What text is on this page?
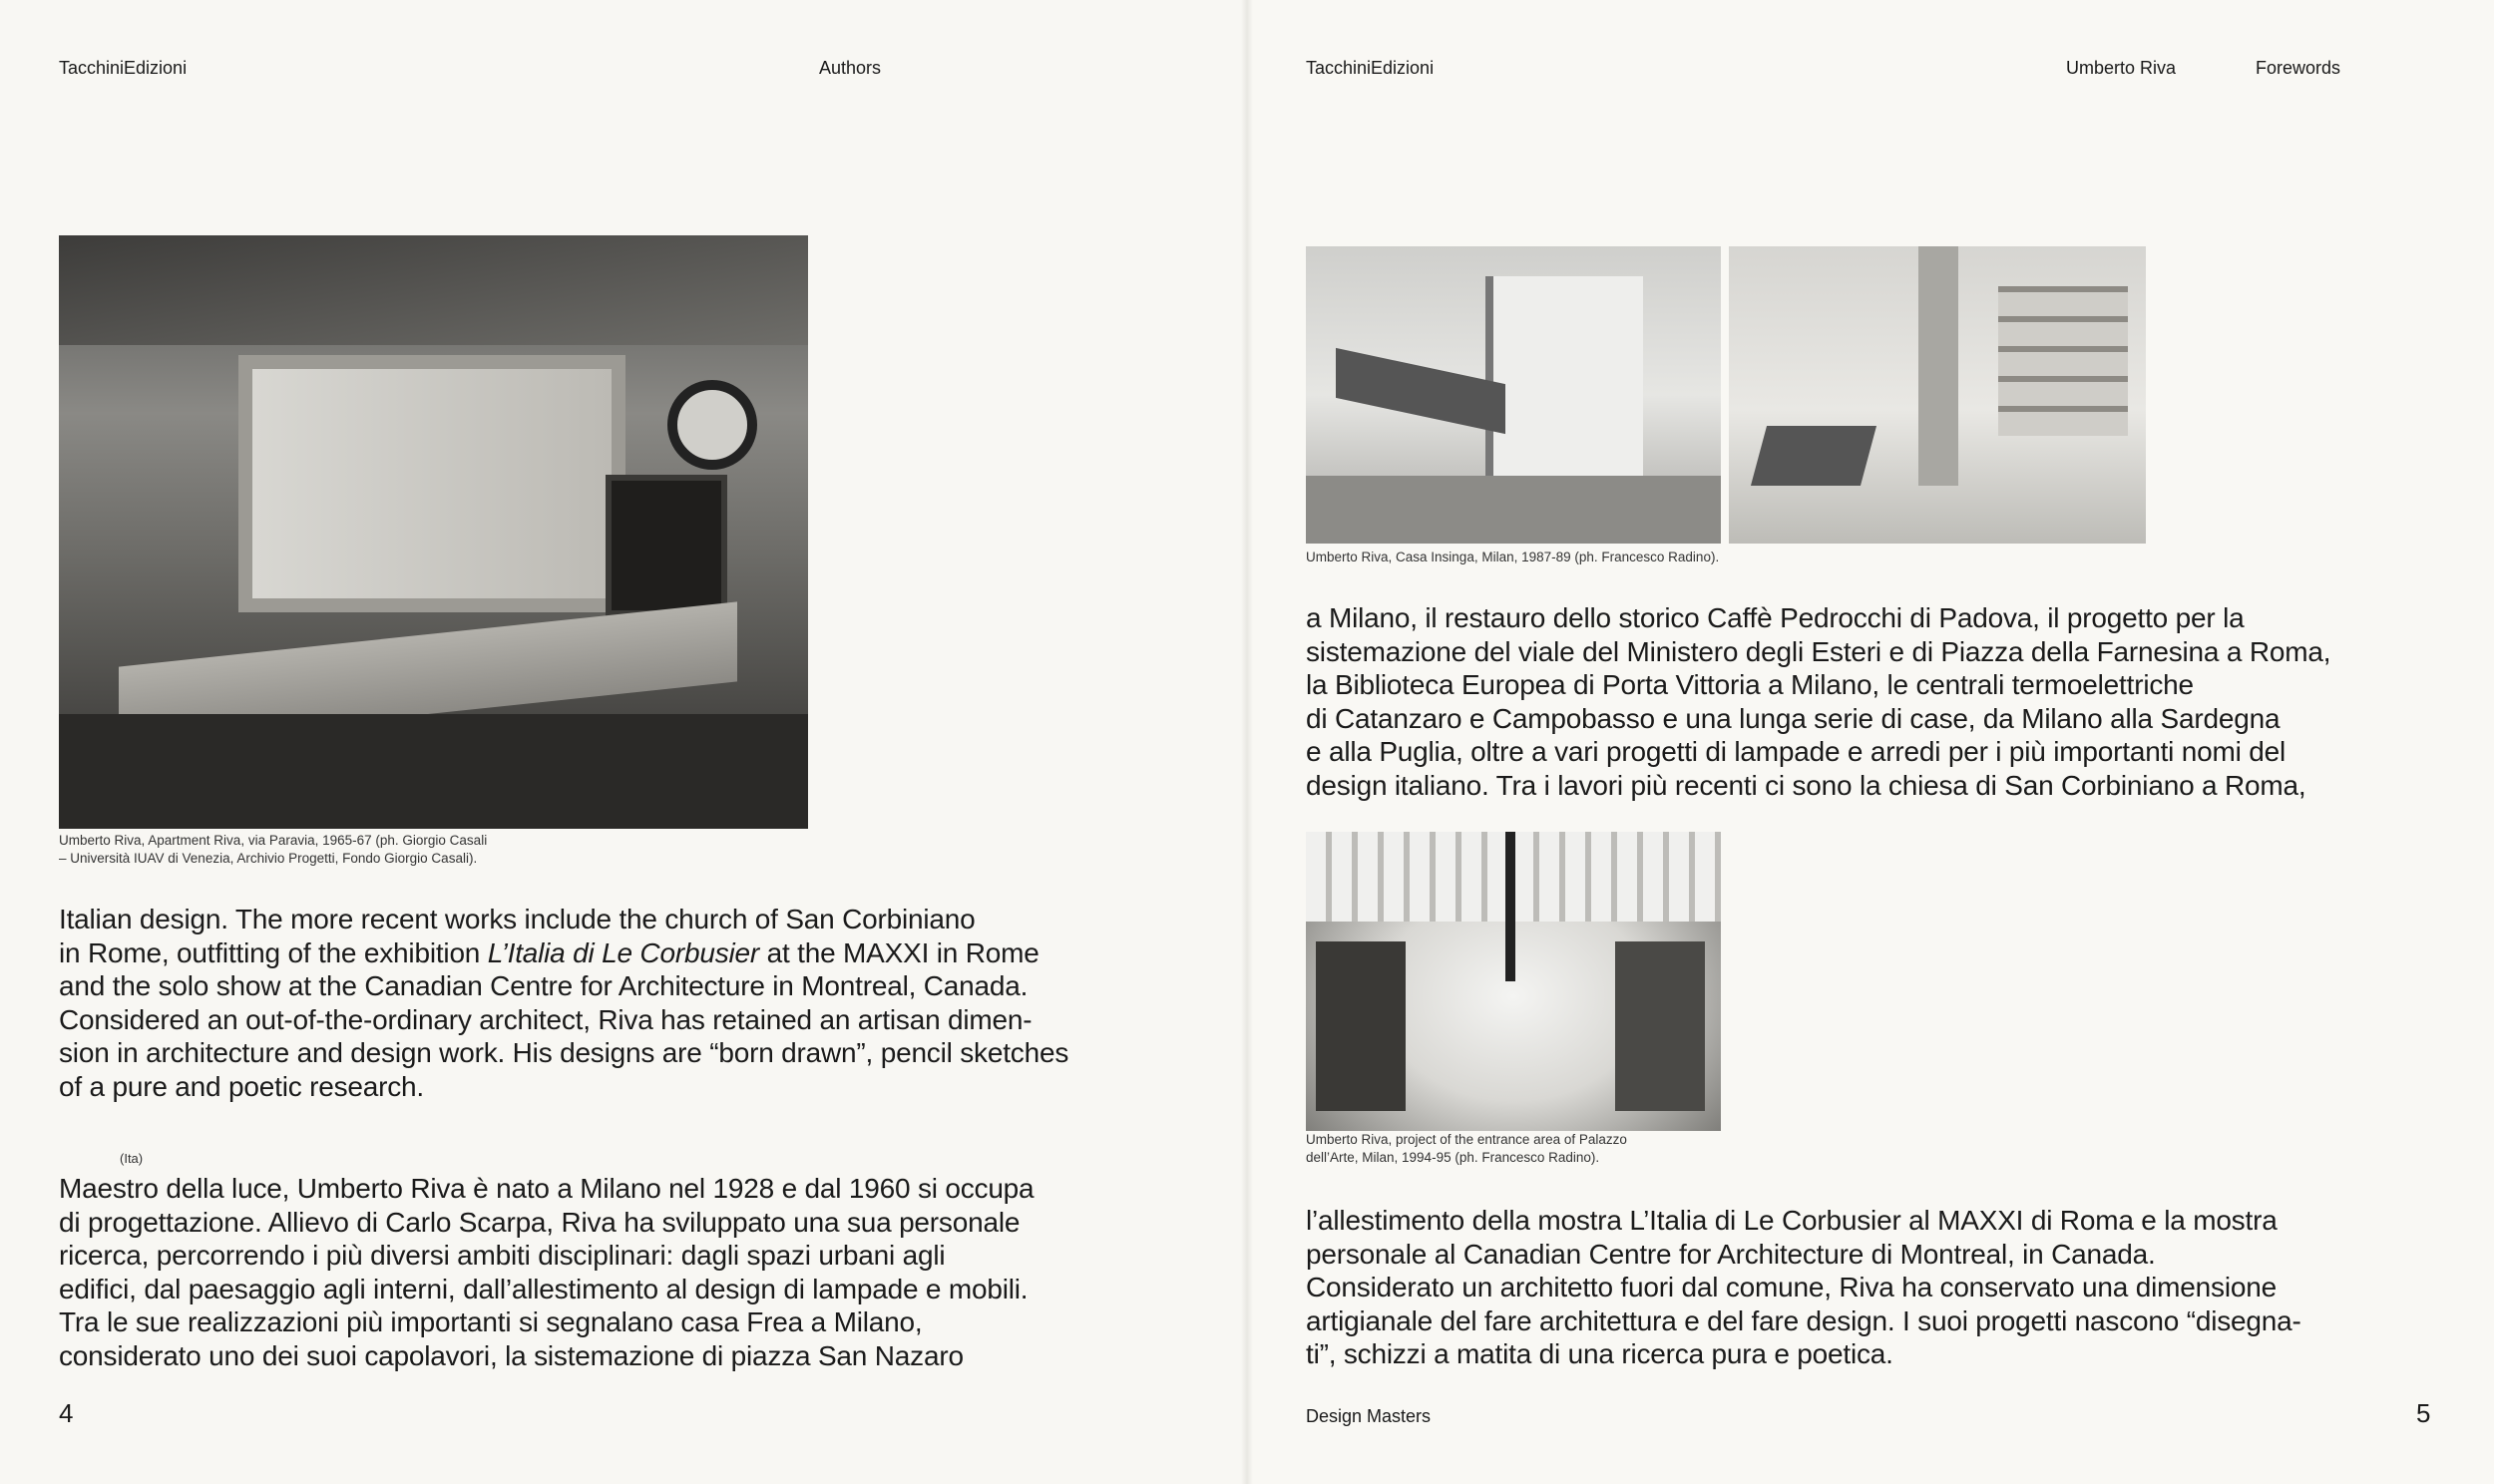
TacchiniEdizioni	Authors
Umberto Riva, Apartment Riva, via Paravia, 1965-67 (ph. Giorgio Casali
– Università IUAV di Venezia, Archivio Progetti, Fondo Giorgio Casali).
Italian design. The more recent works include the church of San Corbiniano
in Rome, outfitting of the exhibition L’Italia di Le Corbusier at the MAXXI in Rome
and the solo show at the Canadian Centre for Architecture in Montreal, Canada.
Considered an out-of-the-ordinary architect, Riva has retained an artisan dimen-
sion in architecture and design work. His designs are “born drawn”, pencil sketches
of a pure and poetic research.
(Ita)
Maestro della luce, Umberto Riva è nato a Milano nel 1928 e dal 1960 si occupa
di progettazione. Allievo di Carlo Scarpa, Riva ha sviluppato una sua personale
ricerca, percorrendo i più diversi ambiti disciplinari: dagli spazi urbani agli
edifici, dal paesaggio agli interni, dall’allestimento al design di lampade e mobili.
Tra le sue realizzazioni più importanti si segnalano casa Frea a Milano,
considerato uno dei suoi capolavori, la sistemazione di piazza San Nazaro
4
TacchiniEdizioni	Umberto Riva	Forewords
Umberto Riva, Casa Insinga, Milan, 1987-89 (ph. Francesco Radino).
a Milano, il restauro dello storico Caffè Pedrocchi di Padova, il progetto per la
sistemazione del viale del Ministero degli Esteri e di Piazza della Farnesina a Roma,
la Biblioteca Europea di Porta Vittoria a Milano, le centrali termoelettriche
di Catanzaro e Campobasso e una lunga serie di case, da Milano alla Sardegna
e alla Puglia, oltre a vari progetti di lampade e arredi per i più importanti nomi del
design italiano. Tra i lavori più recenti ci sono la chiesa di San Corbiniano a Roma,
Umberto Riva, project of the entrance area of Palazzo
dell’Arte, Milan, 1994-95 (ph. Francesco Radino).
l’allestimento della mostra L’Italia di Le Corbusier al MAXXI di Roma e la mostra
personale al Canadian Centre for Architecture di Montreal, in Canada.
Considerato un architetto fuori dal comune, Riva ha conservato una dimensione
artigianale del fare architettura e del fare design. I suoi progetti nascono “disegna-
ti”, schizzi a matita di una ricerca pura e poetica.
Design Masters	5
